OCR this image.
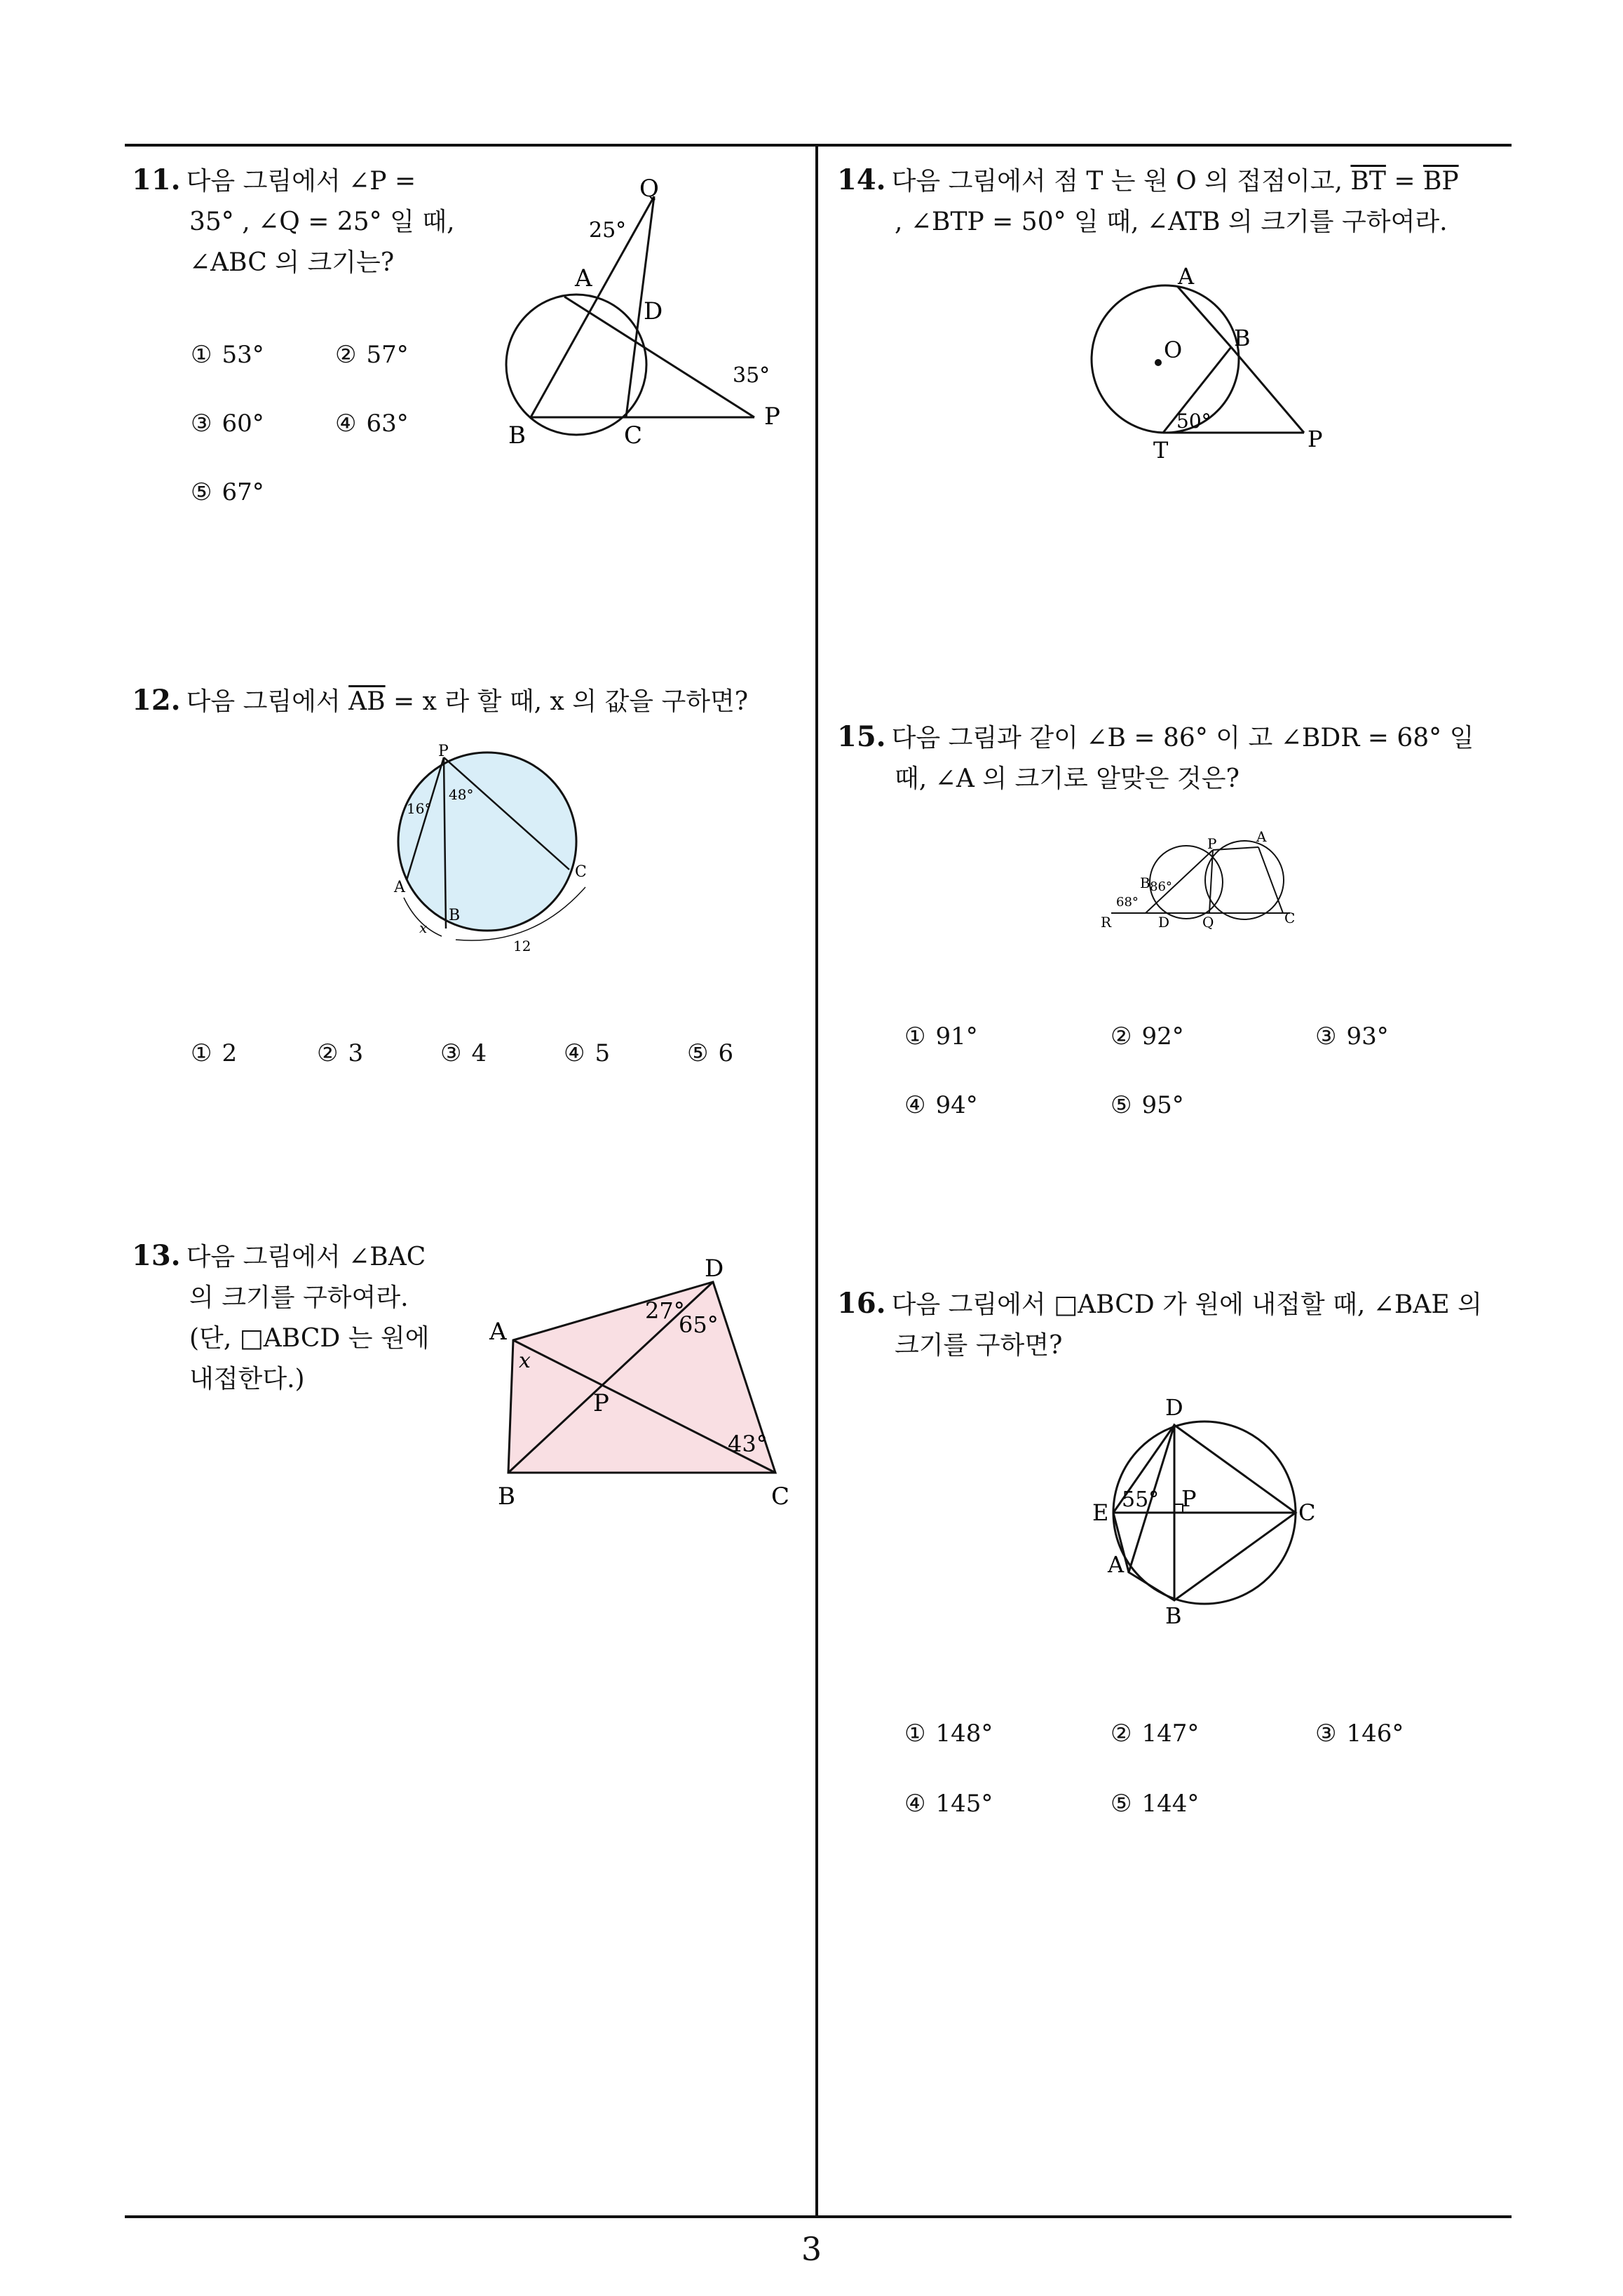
11. 다음 그림에서 ∠P =
35° , ∠Q = 25° 일 때,
∠ABC 의 크기는?
① 53°	② 57°
③ 60°	④ 63°
⑤ 67°
Q
25°
A
D
35°
P
B	C
12. 다음 그림에서 $\overline{AB} = x$ 라 할 때, x 의 값을 구하면?
P
16°
48°
A
B
C
x
12
① 2	② 3	③ 4	④ 5	⑤ 6
13. 다음 그림에서 ∠BAC
의 크기를 구하여라.
(단, □ABCD 는 원에
내접한다.)
D
27°
65°
A
x
P
43°
B	C
14. 다음 그림에서 점 T 는 원 O 의 접점이고, $\overline{BT} = \overline{BP}$
, ∠BTP = 50° 일 때, ∠ATB 의 크기를 구하여라.
A
B
O
50°
T	P
15. 다음 그림과 같이 ∠B = 86° 이 고 ∠BDR = 68° 일
때, ∠A 의 크기로 알맞은 것은?
P	A
B 86°
68°
R	D Q	C
① 91°	② 92°	③ 93°
④ 94°	⑤ 95°
16. 다음 그림에서 □ABCD 가 원에 내접할 때, ∠BAE 의
크기를 구하면?
D
55° P
E	C
A
B
① 148°	② 147°	③ 146°
④ 145°	⑤ 144°
3
